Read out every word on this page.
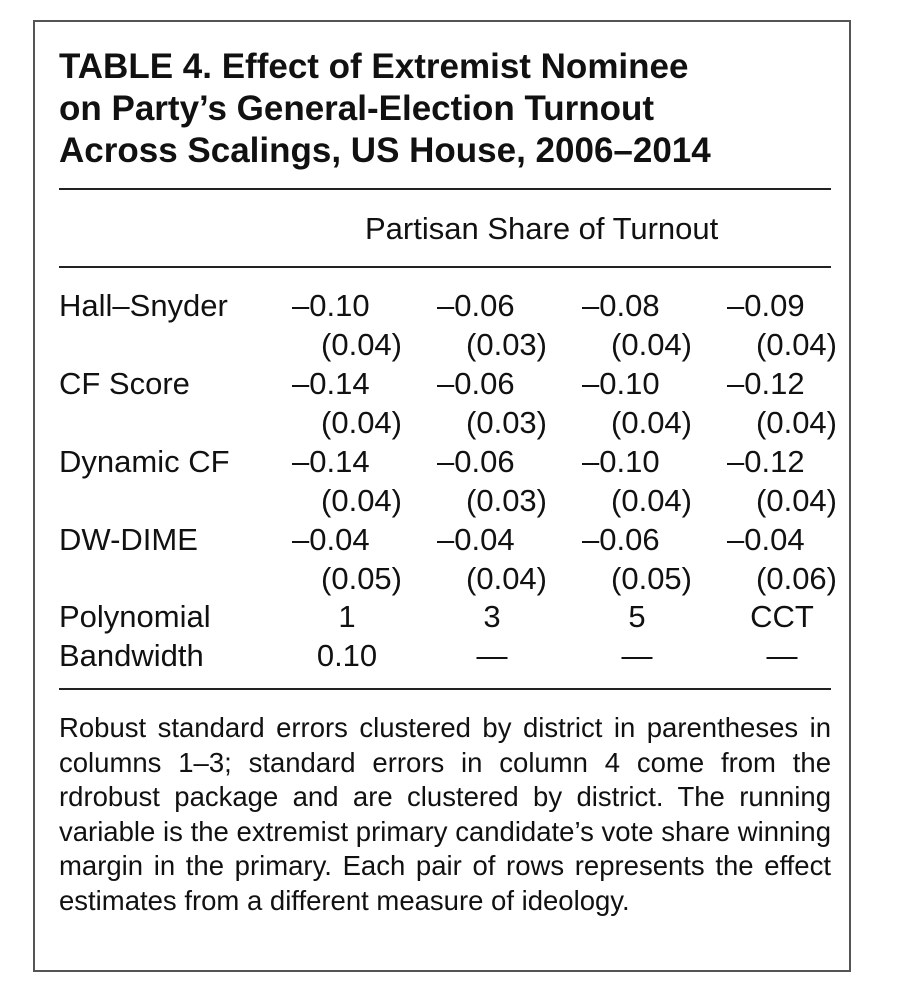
TABLE 4. Effect of Extremist Nominee
on Party’s General-Election Turnout
Across Scalings, US House, 2006–2014
Partisan Share of Turnout
Hall–Snyder –0.10	–0.06	–0.08	–0.09
(0.04)	(0.03)	(0.04)	(0.04)
CF Score	–0.14	–0.06	–0.10	–0.12
(0.04)	(0.03)	(0.04)	(0.04)
Dynamic CF –0.14	–0.06	–0.10	–0.12
(0.04)	(0.03)	(0.04)	(0.04)
DW-DIME	–0.04	–0.04	–0.06	–0.04
(0.05)	(0.04)	(0.05)	(0.06)
Polynomial	1	3	5	CCT
Bandwidth	0.10	—	—	—

Robust standard errors clustered by district in parentheses in columns 1–3; standard errors in column 4 come from the rdrobust package and are clustered by district. The running variable is the extremist primary candidate’s vote share winning margin in the primary. Each pair of rows represents the effect estimates from a different measure of ideology.
